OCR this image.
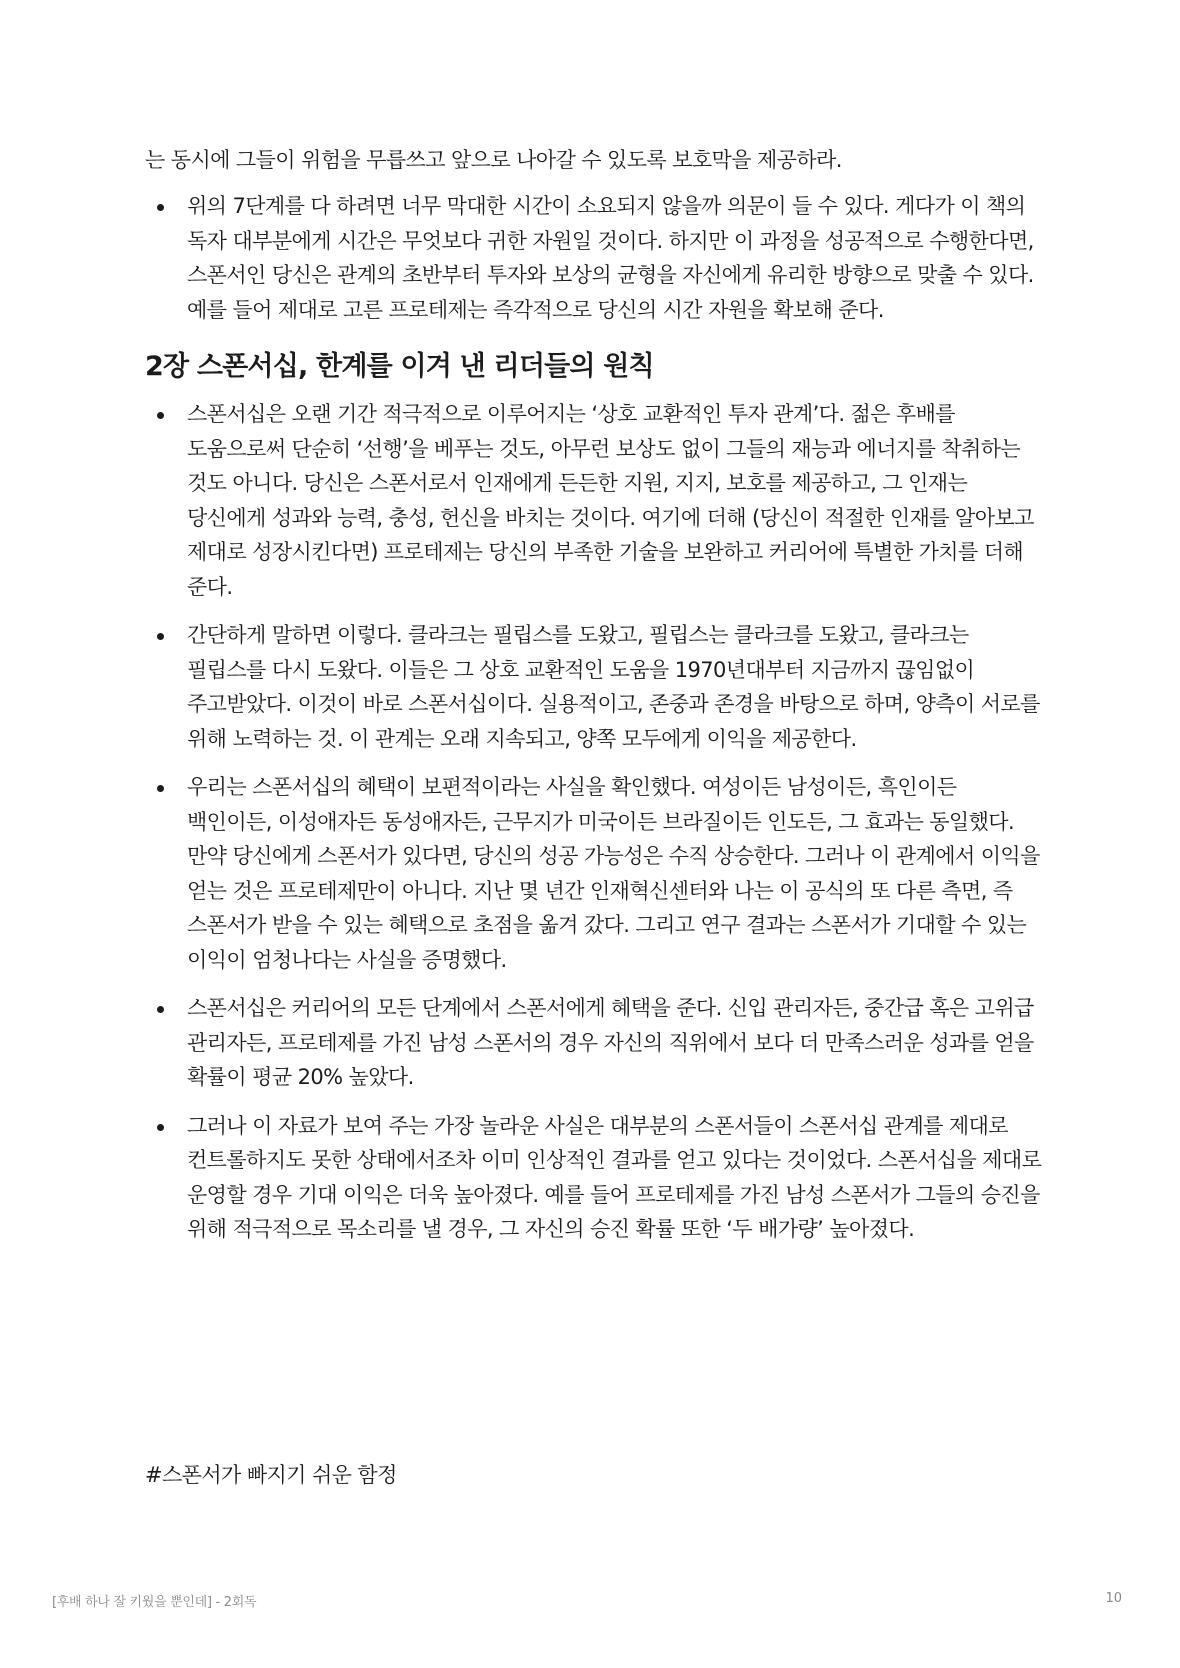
는 동시에 그들이 위험을 무릅쓰고 앞으로 나아갈 수 있도록 보호막을 제공하라.

위의 7단계를 다 하려면 너무 막대한 시간이 소요되지 않을까 의문이 들 수 있다. 게다가 이 책의 독자 대부분에게 시간은 무엇보다 귀한 자원일 것이다. 하지만 이 과정을 성공적으로 수행한다면, 스폰서인 당신은 관계의 초반부터 투자와 보상의 균형을 자신에게 유리한 방향으로 맞출 수 있다. 예를 들어 제대로 고른 프로테제는 즉각적으로 당신의 시간 자원을 확보해 준다.
2장 스폰서십, 한계를 이겨 낸 리더들의 원칙
스폰서십은 오랜 기간 적극적으로 이루어지는 ‘상호 교환적인 투자 관계’다. 젊은 후배를 도움으로써 단순히 ‘선행’을 베푸는 것도, 아무런 보상도 없이 그들의 재능과 에너지를 착취하는 것도 아니다. 당신은 스폰서로서 인재에게 든든한 지원, 지지, 보호를 제공하고, 그 인재는 당신에게 성과와 능력, 충성, 헌신을 바치는 것이다. 여기에 더해 (당신이 적절한 인재를 알아보고 제대로 성장시킨다면) 프로테제는 당신의 부족한 기술을 보완하고 커리어에 특별한 가치를 더해 준다.
간단하게 말하면 이렇다. 클라크는 필립스를 도왔고, 필립스는 클라크를 도왔고, 클라크는 필립스를 다시 도왔다. 이들은 그 상호 교환적인 도움을 1970년대부터 지금까지 끊임없이 주고받았다. 이것이 바로 스폰서십이다. 실용적이고, 존중과 존경을 바탕으로 하며, 양측이 서로를 위해 노력하는 것. 이 관계는 오래 지속되고, 양쪽 모두에게 이익을 제공한다.
우리는 스폰서십의 혜택이 보편적이라는 사실을 확인했다. 여성이든 남성이든, 흑인이든 백인이든, 이성애자든 동성애자든, 근무지가 미국이든 브라질이든 인도든, 그 효과는 동일했다. 만약 당신에게 스폰서가 있다면, 당신의 성공 가능성은 수직 상승한다. 그러나 이 관계에서 이익을 얻는 것은 프로테제만이 아니다. 지난 몇 년간 인재혁신센터와 나는 이 공식의 또 다른 측면, 즉 스폰서가 받을 수 있는 혜택으로 초점을 옮겨 갔다. 그리고 연구 결과는 스폰서가 기대할 수 있는 이익이 엄청나다는 사실을 증명했다.
스폰서십은 커리어의 모든 단계에서 스폰서에게 혜택을 준다. 신입 관리자든, 중간급 혹은 고위급 관리자든, 프로테제를 가진 남성 스폰서의 경우 자신의 직위에서 보다 더 만족스러운 성과를 얻을 확률이 평균 20% 높았다.
그러나 이 자료가 보여 주는 가장 놀라운 사실은 대부분의 스폰서들이 스폰서십 관계를 제대로 컨트롤하지도 못한 상태에서조차 이미 인상적인 결과를 얻고 있다는 것이었다. 스폰서십을 제대로 운영할 경우 기대 이익은 더욱 높아졌다. 예를 들어 프로테제를 가진 남성 스폰서가 그들의 승진을 위해 적극적으로 목소리를 낼 경우, 그 자신의 승진 확률 또한 ‘두 배가량’ 높아졌다.
#스폰서가 빠지기 쉬운 함정
[후배 하나 잘 키웠을 뿐인데] - 2회독	10
